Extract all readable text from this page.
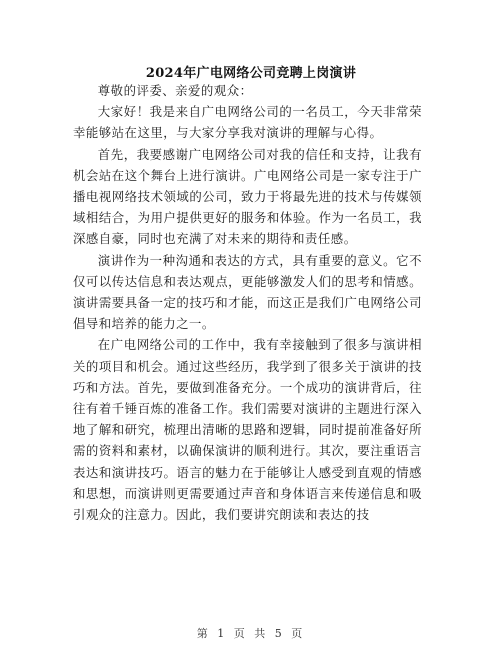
2024年广电网络公司竞聘上岗演讲

尊敬的评委、亲爱的观众：

大家好！我是来自广电网络公司的一名员工，今天非常荣幸能够站在这里，与大家分享我对演讲的理解与心得。

首先，我要感谢广电网络公司对我的信任和支持，让我有机会站在这个舞台上进行演讲。广电网络公司是一家专注于广播电视网络技术领域的公司，致力于将最先进的技术与传媒领域相结合，为用户提供更好的服务和体验。作为一名员工，我深感自豪，同时也充满了对未来的期待和责任感。

演讲作为一种沟通和表达的方式，具有重要的意义。它不仅可以传达信息和表达观点，更能够激发人们的思考和情感。演讲需要具备一定的技巧和才能，而这正是我们广电网络公司倡导和培养的能力之一。

在广电网络公司的工作中，我有幸接触到了很多与演讲相关的项目和机会。通过这些经历，我学到了很多关于演讲的技巧和方法。首先，要做到准备充分。一个成功的演讲背后，往往有着千锤百炼的准备工作。我们需要对演讲的主题进行深入地了解和研究，梳理出清晰的思路和逻辑，同时提前准备好所需的资料和素材，以确保演讲的顺利进行。其次，要注重语言表达和演讲技巧。语言的魅力在于能够让人感受到直观的情感和思想，而演讲则更需要通过声音和身体语言来传递信息和吸引观众的注意力。因此，我们要讲究朗读和表达的技

第 1 页 共 5 页
